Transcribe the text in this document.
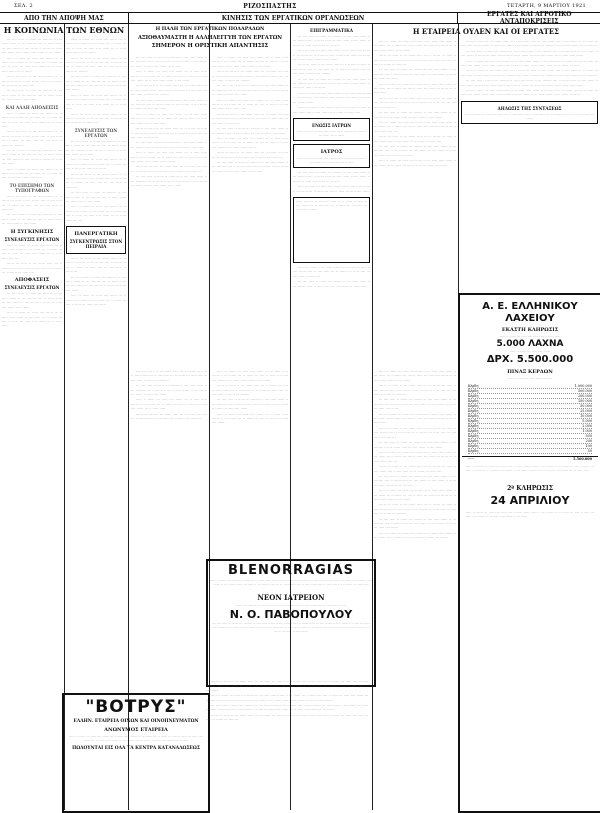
ΣΕΛ. 2	ΡΙΖΟΣΠΑΣΤΗΣ	ΤΕΤΑΡΤΗ, 9 ΜΑΡΤΙΟΥ 1921
ΑΠΟ ΤΗΝ ΑΠΟΨΗ ΜΑΣ	ΚΙΝΗΣΙΣ ΤΩΝ ΕΡΓΑΤΙΚΩΝ ΟΡΓΑΝΩΣΕΩΝ	ΕΡΓΑΤΕΣ ΚΑΙ ΑΓΡΟΤΙΚΟ ΑΝΤΑΠΟΚΡΙΣΕΙΣ
Η ΚΟΙΝΩΝΙΑ ΤΩΝ ΕΘΝΩΝ

··· ···· ····· ·· ······ ··· ········ ·· ···· ····· ······ ·· ··· ········ ···· ·· ······ ····· ··· ···· ······ ·· ···· ······ ·· ······ ··· ····· ···· ······ ··· ·· ····· ····· ······ ·· ··· ······

····· ·· ······ ··· ····· ···· ······ ··· ·· ····· ····· ······ ·· ··· ······ ··· ·· ······ ··· ···· ·· ····· ··· ····· ···· ······ ··· ·· ····· ····· ······ ·· ··· ······

······ ··· ····· ·· ··· ······ ····· ··· ·· ······ ··· ····· ·· ···· ······ ···· ·· ···· ····· ··· ·· ······ ··· ····· ····

··· ···· ····· ·· ······ ··· ········ ·· ···· ····· ······ ·· ··· ········ ···· ·· ······ ····· ··· ···· ······ ·· ···· ······

ΚΑΙ ΑΛΛΗ ΑΠΟΔΕΙΞΙΣ

····· ·· ······ ··· ····· ···· ······ ··· ·· ····· ····· ······ ·· ··· ······ ··· ·· ······ ··· ···· ·· ····· ··· ····· ···· ······ ··· ·· ····· ·····

······ ··· ····· ·· ··· ······ ····· ··· ·· ······ ··· ····· ·· ···· ······ ···· ·· ···· ····· ··· ·· ······ ··· ····· ···· ··· ···· ····· ·· ······ ··· ········

··· ···· ····· ·· ······ ··· ········ ·· ···· ····· ······ ·· ··· ········ ···· ·· ······ ····· ··· ···· ······ ·· ···· ······ ·· ······ ··· ····· ···· ······

····· ·· ······ ··· ····· ···· ······ ··· ·· ····· ····· ······ ·· ··· ······ ··· ·· ······ ··· ···· ·· ····· ··· ····· ···· ······

ΤΟ ΕΠΙΣΗΜΟ ΤΩΝ ΤΥΠΟΓΡΑΦΩΝ

······ ··· ····· ·· ··· ······ ····· ··· ·· ······ ··· ····· ·· ···· ······ ···· ·· ···· ····· ··· ·· ······ ··· ····· ···· ··· ···· ····· ·· ······ ···

··· ···· ····· ·· ······ ··· ········ ·· ···· ····· ······ ·· ··· ········ ···· ·· ······ ····· ··· ···· ······ ·· ···· ······

Η ΣΥΓΚΙΝΗΣΙΣ
ΣΥΝΕΛΕΥΣΙΣ ΕΡΓΑΤΩΝ

····· ·· ······ ··· ····· ···· ······ ··· ·· ····· ····· ······ ·· ··· ······ ··· ·· ······ ··· ···· ·· ····· ··· ····· ···· ······ ··· ·· ····· ····· ···· ···

······ ··· ····· ·· ··· ······ ····· ··· ·· ······ ··· ····· ·· ···· ······ ···· ·· ···· ····· ··· ·· ······ ··· ····· ····

ΑΠΟΦΑΣΕΙΣ
ΣΥΝΕΛΕΥΣΙΣ ΕΡΓΑΤΩΝ

··· ···· ····· ·· ······ ··· ········ ·· ···· ····· ······ ·· ··· ········ ···· ·· ······ ····· ··· ···· ······ ·· ···· ······ ·· ······ ··· ····· ···· ······ ··· ·· ·····

····· ·· ······ ··· ····· ···· ······ ··· ·· ····· ····· ······ ·· ··· ······ ··· ·· ······ ··· ···· ·· ····· ··· ····· ···· ······ ··· ·· ····· ·····

····· ·· ······ ··· ····· ···· ······ ··· ·· ····· ····· ······ ·· ··· ······ ··· ·· ······ ··· ···· ·· ····· ··· ····· ···· ······ ··· ·· ····· ····· ······ ·· ··· ······

······ ··· ····· ·· ··· ······ ····· ··· ·· ······ ··· ····· ·· ···· ······ ···· ·· ···· ····· ··· ·· ······ ··· ····· ···· ··· ···· ····· ·· ······ ··· ········

··· ···· ····· ·· ······ ··· ········ ·· ···· ····· ······ ·· ··· ········ ···· ·· ······ ····· ··· ···· ······ ·· ···· ······ ·· ······ ··· ····· ···· ······

····· ·· ······ ··· ····· ···· ······ ··· ·· ····· ····· ······ ·· ··· ······ ··· ·· ······ ··· ···· ·· ····· ··· ····· ···· ······ ··· ·· ····· ·····

······ ··· ····· ·· ··· ······ ····· ··· ·· ······ ··· ····· ·· ···· ······ ···· ·· ···· ····· ··· ·· ······ ··· ····· ····

ΣΥΝΕΛΕΥΣΙΣ ΤΩΝ ΕΡΓΑΤΩΝ

··· ···· ····· ·· ······ ··· ········ ·· ···· ····· ······ ·· ··· ········ ···· ·· ······ ····· ··· ···· ······ ·· ···· ······ ·· ······ ··· ····· ···· ······ ··· ·· ·····

····· ·· ······ ··· ····· ···· ······ ··· ·· ····· ····· ······ ·· ··· ······ ··· ·· ······ ··· ···· ·· ····· ··· ····· ···· ······

······ ··· ····· ·· ··· ······ ····· ··· ·· ······ ··· ····· ·· ···· ······ ···· ·· ···· ····· ··· ·· ······ ··· ····· ···· ··· ···· ····· ·· ······ ···

··· ···· ····· ·· ······ ··· ········ ·· ···· ····· ······ ·· ··· ········ ···· ·· ······ ····· ··· ···· ······ ·· ···· ······

····· ·· ······ ··· ····· ···· ······ ··· ·· ····· ····· ······ ·· ··· ······ ··· ·· ······ ··· ···· ·· ····· ··· ····· ···· ······ ··· ·· ····· ····· ···· ···

ΠΑΝΕΡΓΑΤΙΚΗ
ΣΥΓΚΕΝΤΡΩΣΙΣ ΣΤΟΝ ΠΕΙΡΑΙΑ

······ ··· ····· ·· ··· ······ ····· ··· ·· ······ ··· ····· ·· ···· ······ ···· ·· ···· ····· ··· ·· ······ ··· ····· ···· ··· ···· ····· ·· ······ ···

··· ···· ····· ·· ······ ··· ········ ·· ···· ····· ······ ·· ··· ········ ···· ·· ······ ····· ··· ···· ······ ·· ···· ······ ·· ······ ··· ····· ···· ······

····· ·· ······ ··· ····· ···· ······ ··· ·· ····· ····· ······ ·· ··· ······ ··· ·· ······ ··· ···· ·· ····· ··· ····· ···· ······

"ΒΟΤΡΥΣ"
ΕΛΛΗΝ. ΕΤΑΙΡΕΙΑ ΟΙΝΩΝ ΚΑΙ ΟΙΝΟΠΝΕΥΜΑΤΩΝ
ΑΝΩΝΥΜΟΣ ΕΤΑΙΡΕΙΑ
····· ·· ······ ··· ····· ···· ······ ··· ·· ····· ····· ······ ·· ··· ······ ··· ·· ······ ··· ···· ·· ····· ··· ····· ···· ······ ··· ·· ····· ····· ······ ·· ··· ······ ····· ·· ······ ··· ····· ···· ······ ··· ·· ·····
ΠΩΛΟΥΝΤΑΙ ΕΙΣ ΟΛΑ ΤΑ ΚΕΝΤΡΑ ΚΑΤΑΝΑΛΩΣΕΩΣ
Η ΠΑΛΗ ΤΩΝ ΕΡΓΑΤΙΚΩΝ ΠΟΔΑΡΑΔΩΝ
ΑΞΙΟΘΑΥΜΑΣΤΗ Η ΑΛΛΗΛΕΓΓΥΗ ΤΩΝ ΕΡΓΑΤΩΝ
ΣΗΜΕΡΟΝ Η ΟΡΙΣΤΙΚΗ ΑΠΑΝΤΗΣΙΣ

··· ···· ····· ·· ······ ··· ········ ·· ···· ····· ······ ·· ··· ········ ···· ·· ······ ····· ··· ···· ······ ·· ···· ······ ·· ······ ··· ····· ···· ······ ··· ·· ·····

····· ·· ······ ··· ····· ···· ······ ··· ·· ····· ····· ······ ·· ··· ······ ··· ·· ······ ··· ···· ·· ····· ··· ····· ···· ······ ··· ·· ····· ····· ······ ·· ··· ······

······ ··· ····· ·· ··· ······ ····· ··· ·· ······ ··· ····· ·· ···· ······ ···· ·· ···· ····· ··· ·· ······ ··· ····· ···· ··· ···· ····· ·· ······ ··· ········

··· ···· ····· ·· ······ ··· ········ ·· ···· ····· ······ ·· ··· ········ ···· ·· ······ ····· ··· ···· ······ ·· ···· ······ ·· ······ ··· ····· ···· ······

····· ·· ······ ··· ····· ···· ······ ··· ·· ····· ····· ······ ·· ··· ······ ··· ·· ······ ··· ···· ·· ····· ··· ····· ···· ······ ··· ·· ····· ·····

······ ··· ····· ·· ··· ······ ····· ··· ·· ······ ··· ····· ·· ···· ······ ···· ·· ···· ····· ··· ·· ······ ··· ····· ···· ··· ···· ····· ·· ······ ···

··· ···· ····· ·· ······ ··· ········ ·· ···· ····· ······ ·· ··· ········ ···· ·· ······ ····· ··· ···· ······ ·· ···· ······

····· ·· ······ ··· ····· ···· ······ ··· ·· ····· ····· ······ ·· ··· ······ ··· ·· ······ ··· ···· ·· ····· ··· ····· ···· ······ ··· ·· ····· ····· ···· ···

······ ··· ····· ·· ··· ······ ····· ··· ·· ······ ··· ····· ·· ···· ······ ···· ·· ···· ····· ··· ·· ······ ··· ····· ····

··· ···· ····· ·· ······ ··· ········ ·· ···· ····· ······ ·· ··· ········ ···· ·· ······ ····· ··· ···· ······ ·· ···· ······ ·· ······ ··· ····· ···· ······ ··· ·· ·····

····· ·· ······ ··· ····· ···· ······ ··· ·· ····· ····· ······ ·· ··· ······ ··· ·· ······ ··· ···· ·· ····· ··· ····· ···· ······ ··· ·· ····· ····· ······ ·· ··· ······

······ ··· ····· ·· ··· ······ ····· ··· ·· ······ ··· ····· ·· ···· ······ ···· ·· ···· ····· ··· ·· ······ ··· ····· ···· ··· ···· ····· ·· ······ ··· ········

··· ···· ····· ·· ······ ··· ········ ·· ···· ····· ······ ·· ··· ········ ···· ·· ······ ····· ··· ···· ······ ·· ···· ······ ·· ······ ··· ····· ···· ······

····· ·· ······ ··· ····· ···· ······ ··· ·· ····· ····· ······ ·· ··· ······ ··· ·· ······ ··· ···· ·· ····· ··· ····· ···· ······ ··· ·· ····· ·····

······ ··· ····· ·· ··· ······ ····· ··· ·· ······ ··· ····· ·· ···· ······ ···· ·· ···· ····· ··· ·· ······ ··· ····· ···· ··· ···· ····· ·· ······ ···

··· ···· ····· ·· ······ ··· ········ ·· ···· ····· ······ ·· ··· ········ ···· ·· ······ ····· ··· ···· ······ ·· ···· ······

····· ·· ······ ··· ····· ···· ······ ··· ·· ····· ····· ······ ·· ··· ······ ··· ·· ······ ··· ···· ·· ····· ··· ····· ···· ······ ··· ·· ····· ····· ···· ···

······ ··· ····· ·· ··· ······ ····· ··· ·· ······ ··· ····· ·· ···· ······ ···· ·· ···· ····· ··· ·· ······ ··· ····· ····

··· ···· ····· ·· ······ ··· ········ ·· ···· ····· ······ ·· ··· ········ ···· ·· ······ ····· ··· ···· ······ ·· ···· ······ ·· ······ ··· ····· ···· ······ ··· ·· ·····

······ ··· ····· ·· ··· ······ ····· ··· ·· ······ ··· ····· ·· ···· ······ ···· ·· ···· ····· ··· ·· ······ ··· ····· ···· ··· ···· ····· ·· ······ ··· ········

··· ···· ····· ·· ······ ··· ········ ·· ···· ····· ······ ·· ··· ········ ···· ·· ······ ····· ··· ···· ······ ·· ···· ······ ·· ······ ··· ····· ···· ······

····· ·· ······ ··· ····· ···· ······ ··· ·· ····· ····· ······ ·· ··· ······ ··· ·· ······ ··· ···· ·· ····· ··· ····· ···· ······ ··· ·· ····· ·····

······ ··· ····· ·· ··· ······ ····· ··· ·· ······ ··· ····· ·· ···· ······ ···· ·· ···· ····· ··· ·· ······ ··· ····· ····

····· ·· ······ ··· ····· ···· ······ ··· ·· ····· ····· ······ ·· ··· ······ ··· ·· ······ ··· ···· ·· ····· ··· ····· ···· ······ ··· ·· ····· ····· ······ ·· ··· ······

······ ··· ····· ·· ··· ······ ····· ··· ·· ······ ··· ····· ·· ···· ······ ···· ·· ···· ····· ··· ·· ······ ··· ····· ···· ··· ···· ····· ·· ······ ··· ········

··· ···· ····· ·· ······ ··· ········ ·· ···· ····· ······ ·· ··· ········ ···· ·· ······ ····· ··· ···· ······ ·· ···· ······ ·· ······ ··· ····· ···· ······

····· ·· ······ ··· ····· ···· ······ ··· ·· ····· ····· ······ ·· ··· ······ ··· ·· ······ ··· ···· ·· ····· ··· ····· ···· ······

BLENORRAGIAS
····· ·· ······ ··· ····· ···· ······ ··· ·· ····· ····· ······ ·· ··· ······ ··· ·· ······ ··· ···· ·· ····· ··· ····· ···· ······ ··· ·· ····· ····· ······ ·· ··· ······ ······ ··· ····· ·· ··· ······ ····· ··· ·· ······ ··· ····· ·· ···· ······ ···· ·· ···· ····· ··· ·· ······ ··· ····· ····
ΝΕΟΝ ΙΑΤΡΕΙΟΝ
······ ··· ····· ·· ··· ······ ····· ··· ·· ······ ··· ····· ·· ···· ······ ···· ·· ···· ····· ··· ···
Ν. Ο. ΠΑΒΟΠΟΥΛΟΥ
··· ···· ····· ·· ······ ··· ········ ·· ···· ····· ······ ·· ··· ········ ···· ·· ······ ····· ··· ···· ······ ·· ···· ······ ·· ······ ··· ····· ···· ······ ··· ·· ····· ····· ·· ······ ··· ····· ···· ······ ··· ·· ····· ····· ······ ·· ··· ······ ······ ··· ····· ·· ··· ······ ····· ··· ·· ······ ··· ····· ·· ···· ······

······ ··· ····· ·· ··· ······ ····· ··· ·· ······ ··· ····· ·· ···· ······ ···· ·· ···· ····· ··· ·· ······ ··· ····· ···· ··· ···· ····· ·· ······ ··· ········ ···· ····· ·· ······ ··· ········ ·· ···· ····· ······ ·· ··· ········ ···· ·· ······ ····· ··· ···· ······ ·· ···· ······

····· ·· ······ ··· ····· ···· ······ ··· ·· ····· ····· ······ ·· ··· ······ ··· ·· ······ ··· ···· ·· ····· ··· ····· ···· ······ ··· ·· ····· ····· ······ ·· ··· ······ ······ ··· ····· ·· ··· ······ ····· ··· ·· ······ ··· ····· ·· ···· ······

··· ···· ····· ·· ······ ··· ········ ·· ···· ····· ······ ·· ··· ········ ···· ·· ······ ····· ··· ···· ······ ·· ···· ······ ·· ······ ··· ····· ···· ······ ··· ·· ····· ····· ·· ······ ··· ····· ···· ······ ··· ·· ····· ····· ······ ·· ··· ······

······ ··· ····· ·· ··· ······ ····· ··· ·· ······ ··· ····· ·· ···· ······ ···· ·· ···· ····· ··· ·· ······ ··· ····· ···· ··· ···· ····· ·· ······ ··· ········

ΕΠΙΓΡΑΜΜΑΤΙΚΑ

··· ···· ····· ·· ······ ··· ········ ·· ···· ····· ······ ·· ··· ········ ···· ·· ······ ····· ··· ···· ······ ·· ···· ······ ·· ······ ··· ····· ···· ······ ··· ·· ·····

····· ·· ······ ··· ····· ···· ······ ··· ·· ····· ····· ······ ·· ··· ······ ··· ·· ······ ··· ···· ·· ····· ··· ····· ···· ······ ··· ·· ····· ····· ······ ·· ··· ······

······ ··· ····· ·· ··· ······ ····· ··· ·· ······ ··· ····· ·· ···· ······ ···· ·· ···· ····· ··· ·· ······ ··· ····· ···· ··· ···· ····· ·· ······ ··· ········

··· ···· ····· ·· ······ ··· ········ ·· ···· ····· ······ ·· ··· ········ ···· ·· ······ ····· ··· ···· ······ ·· ···· ······ ·· ······ ··· ····· ···· ······

····· ·· ······ ··· ····· ···· ······ ··· ·· ····· ····· ······ ·· ··· ······ ··· ·· ······ ··· ···· ·· ····· ··· ····· ···· ······ ··· ·· ····· ·····

······ ··· ····· ·· ··· ······ ····· ··· ·· ······ ··· ····· ·· ···· ······ ···· ·· ···· ····· ··· ·· ······ ··· ····· ····

ΕΝΩΣΙΣ ΙΑΤΡΩΝ
····· ·· ······ ··· ····· ···· ······ ··· ·· ····· ····· ······ ·· ··· ······ ··· ·· ······
ΙΑΤΡΟΣ
····· ·· ······ ··· ····· ···· ······ ··· ·· ····· ····· ······ ·· ··· ······ ··· ·· ······ ··· ···· ·· ·····

··· ···· ····· ·· ······ ··· ········ ·· ···· ····· ······ ·· ··· ········ ···· ·· ······ ····· ··· ···· ······ ·· ···· ······ ·· ······ ··· ····· ···· ······ ··· ·· ·····

····· ·· ······ ··· ····· ···· ······ ··· ·· ····· ····· ······ ·· ··· ······ ··· ·· ······ ··· ···· ·· ····· ··· ····· ···· ······

······ ··· ····· ·· ··· ······ ····· ··· ·· ······ ··· ····· ·· ···· ······ ···· ·· ···· ····· ··· ·· ······ ··· ····· ···· ··· ···· ····· ·· ······

······ ··· ····· ·· ··· ······ ····· ··· ·· ······ ··· ····· ·· ···· ······ ···· ·· ···· ····· ··· ·· ······ ··· ····· ···· ··· ···· ····· ·· ······ ···

··· ···· ····· ·· ······ ··· ········ ·· ···· ····· ······ ·· ··· ········ ···· ·· ······ ····· ··· ···· ······ ·· ···· ······

····· ·· ······ ··· ····· ···· ······ ··· ·· ····· ····· ······ ·· ··· ······ ··· ·· ······ ··· ···· ·· ····· ··· ····· ···· ······ ··· ·· ····· ····· ······ ·· ··· ······

······ ··· ····· ·· ··· ······ ····· ··· ·· ······ ··· ····· ·· ···· ······ ···· ·· ···· ····· ··· ·· ······ ··· ····· ···· ··· ···· ····· ·· ······ ··· ········

··· ···· ····· ·· ······ ··· ········ ·· ···· ····· ······ ·· ··· ········ ···· ·· ······ ····· ··· ···· ······ ·· ···· ······ ·· ······ ··· ····· ···· ······

····· ·· ······ ··· ····· ···· ······ ··· ·· ····· ····· ······ ·· ··· ······ ··· ·· ······ ··· ···· ·· ····· ··· ····· ···· ······ ··· ·· ····· ·····

······ ··· ····· ·· ··· ······ ····· ··· ·· ······ ··· ····· ·· ···· ······ ···· ·· ···· ····· ··· ·· ······ ··· ····· ···· ··· ···· ····· ·· ······ ···

··· ···· ····· ·· ······ ··· ········ ·· ···· ····· ······ ·· ··· ········ ···· ·· ······ ····· ··· ···· ······ ·· ···· ······

····· ·· ······ ··· ····· ···· ······ ··· ·· ····· ····· ······ ·· ··· ······ ··· ·· ······ ··· ···· ·· ····· ··· ····· ···· ······ ··· ·· ····· ····· ···· ···

······ ··· ····· ·· ··· ······ ····· ··· ·· ······ ··· ····· ·· ···· ······ ···· ·· ···· ····· ··· ·· ······ ··· ····· ····

··· ···· ····· ·· ······ ··· ········ ·· ···· ····· ······ ·· ··· ········ ···· ·· ······ ····· ··· ···· ······ ·· ···· ······ ·· ······ ··· ····· ···· ······ ··· ·· ·····

····· ·· ······ ··· ····· ···· ······ ··· ·· ····· ····· ······ ·· ··· ······ ··· ·· ······ ··· ···· ·· ····· ··· ····· ···· ······ ··· ·· ····· ····· ······ ·· ··· ······

······ ··· ····· ·· ··· ······ ····· ··· ·· ······ ··· ····· ·· ···· ······ ···· ·· ···· ····· ··· ·· ······ ··· ····· ···· ··· ···· ····· ·· ······ ··· ········

··· ···· ····· ·· ······ ··· ········ ·· ···· ····· ······ ·· ··· ········ ···· ·· ······ ····· ··· ···· ······ ·· ···· ······ ·· ······ ··· ····· ···· ······

····· ·· ······ ··· ····· ···· ······ ··· ·· ····· ····· ······ ·· ··· ······ ··· ·· ······ ··· ···· ·· ····· ··· ····· ···· ······

Η ΕΤΑΙΡΕΙΑ ΟΥΛΕΝ ΚΑΙ ΟΙ ΕΡΓΑΤΕΣ

····· ·· ······ ··· ····· ···· ······ ··· ·· ····· ····· ······ ·· ··· ······ ··· ·· ······ ··· ···· ·· ····· ··· ····· ···· ······ ··· ·· ····· ····· ······ ·· ··· ······

······ ··· ····· ·· ··· ······ ····· ··· ·· ······ ··· ····· ·· ···· ······ ···· ·· ···· ····· ··· ·· ······ ··· ····· ···· ··· ···· ····· ·· ······ ··· ········

··· ···· ····· ·· ······ ··· ········ ·· ···· ····· ······ ·· ··· ········ ···· ·· ······ ····· ··· ···· ······ ·· ···· ······ ·· ······ ··· ····· ···· ······

····· ·· ······ ··· ····· ···· ······ ··· ·· ····· ····· ······ ·· ··· ······ ··· ·· ······ ··· ···· ·· ····· ··· ····· ···· ······ ··· ·· ····· ·····

······ ··· ····· ·· ··· ······ ····· ··· ·· ······ ··· ····· ·· ···· ······ ···· ·· ···· ····· ··· ·· ······ ··· ····· ···· ··· ···· ····· ·· ······ ···

··· ···· ····· ·· ······ ··· ········ ·· ···· ····· ······ ·· ··· ········ ···· ·· ······ ····· ··· ···· ······ ·· ···· ······

····· ·· ······ ··· ····· ···· ······ ··· ·· ····· ····· ······ ·· ··· ······ ··· ·· ······ ··· ···· ·· ····· ··· ····· ···· ······ ··· ·· ····· ····· ···· ···

······ ··· ····· ·· ··· ······ ····· ··· ·· ······ ··· ····· ·· ···· ······ ···· ·· ···· ····· ··· ·· ······ ··· ····· ····

··· ···· ····· ·· ······ ··· ········ ·· ···· ····· ······ ·· ··· ········ ···· ·· ······ ····· ··· ···· ······ ·· ···· ······ ·· ······ ··· ····· ···· ······ ··· ·· ·····

····· ·· ······ ··· ····· ···· ······ ··· ·· ····· ····· ······ ·· ··· ······ ··· ·· ······ ··· ···· ·· ····· ··· ····· ···· ······

······ ··· ····· ·· ··· ······ ····· ··· ·· ······ ··· ····· ·· ···· ······ ···· ·· ···· ····· ··· ·· ······ ··· ····· ···· ··· ···· ····· ·· ······ ··· ········ ···· ····· ·· ······ ··· ········ ·· ···· ····· ······ ·· ··· ········

··· ···· ····· ·· ······ ··· ········ ·· ···· ····· ······ ·· ··· ········ ···· ·· ······ ····· ··· ···· ······ ·· ···· ······ ·· ······ ··· ····· ···· ······ ····· ·· ······ ··· ····· ···· ······ ··· ·· ····· ····· ······

····· ·· ······ ··· ····· ···· ······ ··· ·· ····· ····· ······ ·· ··· ······ ··· ·· ······ ··· ···· ·· ····· ··· ····· ···· ······ ··· ·· ····· ····· ······ ······ ··· ····· ·· ··· ······ ····· ··· ·· ······ ··· ·····

······ ··· ····· ·· ··· ······ ····· ··· ·· ······ ··· ····· ·· ···· ······ ···· ·· ···· ····· ··· ·· ······ ··· ····· ···· ··· ···· ····· ·· ······ ··· ········ ···· ····· ·· ······ ··· ········ ·· ···· ····· ······ ·· ··· ········

··· ···· ····· ·· ······ ··· ········ ·· ···· ····· ······ ·· ··· ········ ···· ·· ······ ····· ··· ···· ······ ·· ···· ······ ·· ······ ··· ····· ···· ······ ····· ·· ······ ··· ····· ···· ······ ··· ·· ····· ····· ······

····· ·· ······ ··· ····· ···· ······ ··· ·· ····· ····· ······ ·· ··· ······ ··· ·· ······ ··· ···· ·· ····· ··· ····· ···· ······ ··· ·· ····· ····· ······ ······ ··· ····· ·· ··· ······ ····· ··· ·· ······ ··· ·····

ΔΗΛΩΣΙΣ ΤΗΣ ΣΥΝΤΑΞΕΩΣ
····· ·· ······ ··· ····· ···· ······ ··· ·· ····· ····· ······ ·· ··· ······ ··· ·· ······ ··· ···· ·· ····· ··· ····· ···· ······
Α. Ε. ΕΛΛΗΝΙΚΟΥ ΛΑΧΕΙΟΥ
ΕΚΑΣΤΗ ΚΛΗΡΩΣΙΣ
····· ·· ······ ··· ····· ···· ······ ··· ·· ····· ·····
5.000 ΛΑΧΝΑ
····· ·· ······ ··· ····· ···· ······
ΔΡΧ. 5.500.000
ΠΙΝΑΞ ΚΕΡΔΩΝ
····· ·· ······ ··· ····· ···· ······ ···
Κέρδη	1.000.000
Κέρδη	500.000
Κέρδη	200.000
Κέρδη	100.000
Κέρδη	50.000
Κέρδη	25.000
Κέρδη	10.000
Κέρδη	5.000
Κέρδη	2.000
Κέρδη	1.000
Κέρδη	500
Κέρδη	200
Κέρδη	100
Κέρδη	50
·····	5.500.000
····· ·· ······ ··· ····· ···· ······ ··· ·· ····· ····· ······ ·· ··· ······ ··· ·· ······ ··· ···· ·· ····· ··· ····· ···· ······ ··· ·· ····· ····· ······ ·· ··· ······ ····· ·· ······ ··· ····· ···· ······ ··· ·· ····· ·····
2ª ΚΛΗΡΩΣΙΣ
24 ΑΠΡΙΛΙΟΥ
····· ·· ······ ··· ····· ···· ······ ··· ·· ····· ····· ······ ·· ··· ······ ··· ·· ······ ··· ···· ·· ····· ··· ····· ···· ······ ··· ·· ····· ····· ······ ·· ··· ······
